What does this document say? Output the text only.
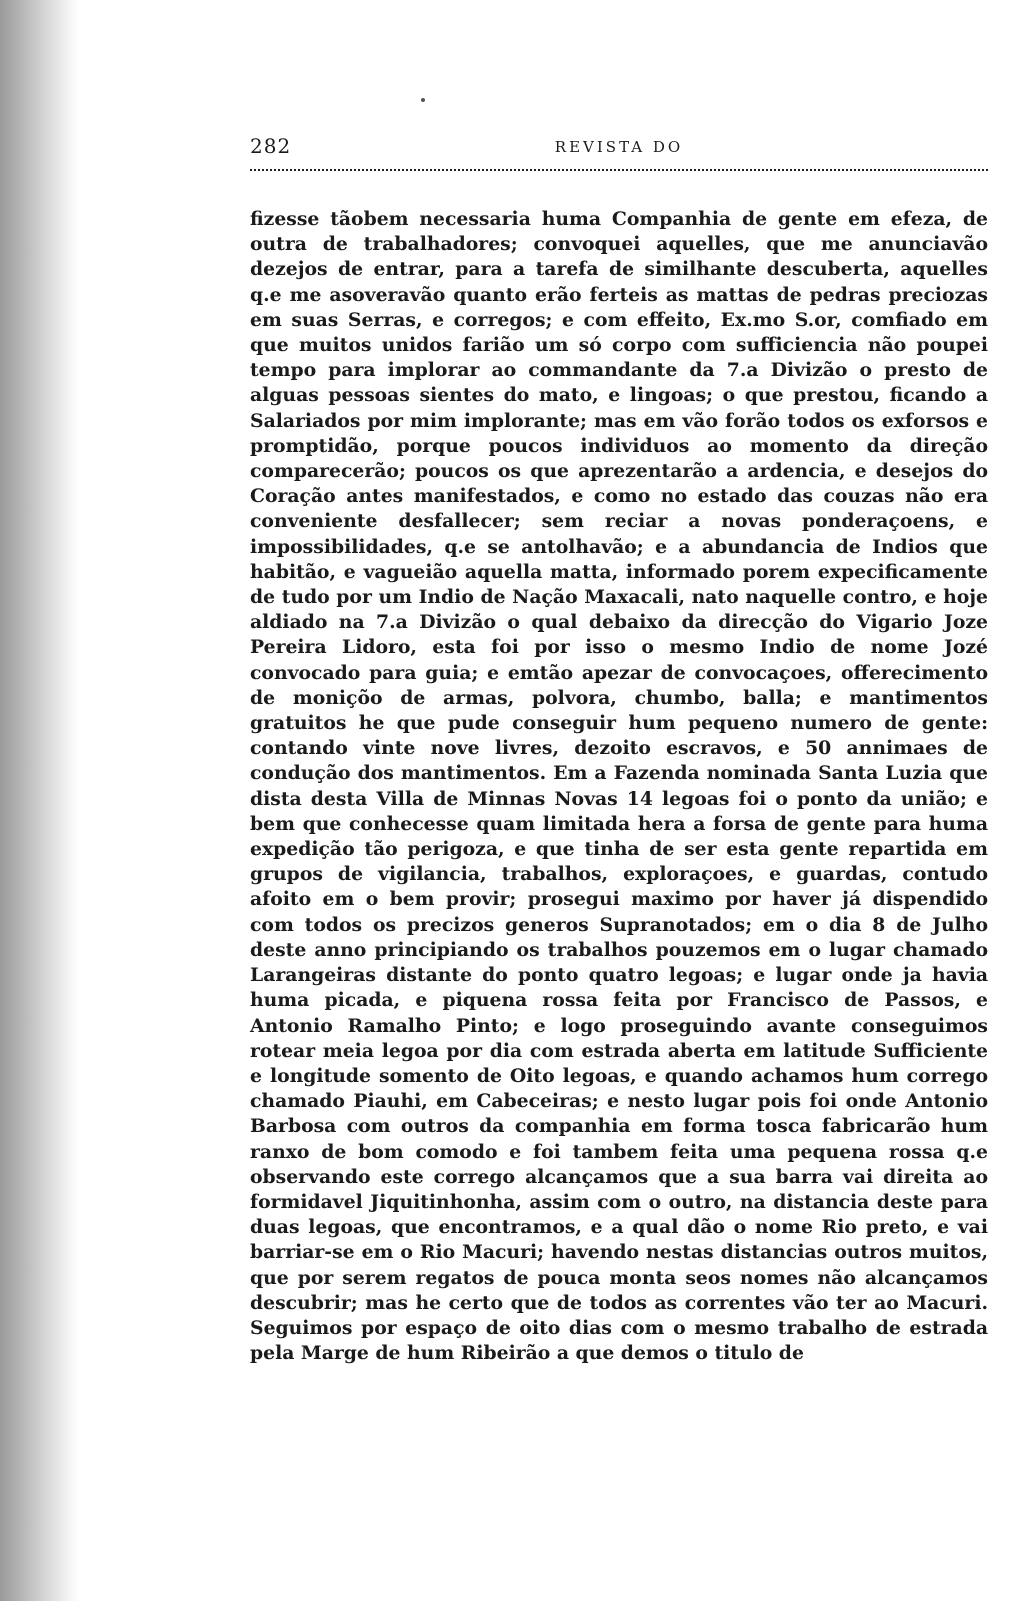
282	REVISTA DO

fizesse tãobem necessaria huma Companhia de gente em efeza, de outra de trabalhadores; convoquei aquelles, que me anunciavão dezejos de entrar, para a tarefa de similhante descuberta, aquelles q.e me asoveravão quanto erão ferteis as mattas de pedras preciozas em suas Serras, e corregos; e com effeito, Ex.mo S.or, comfiado em que muitos unidos farião um só corpo com sufficiencia não poupei tempo para implorar ao commandante da 7.a Divizão o presto de alguas pessoas sientes do mato, e lingoas; o que prestou, ficando a Salariados por mim implorante; mas em vão forão todos os exforsos e promptidão, porque poucos individuos ao momento da direção comparecerão; poucos os que aprezentarão a ardencia, e desejos do Coração antes manifestados, e como no estado das couzas não era conveniente desfallecer; sem reciar a novas ponderaçoens, e impossibilidades, q.e se antolhavão; e a abundancia de Indios que habitão, e vagueião aquella matta, informado porem expecificamente de tudo por um Indio de Nação Maxacali, nato naquelle contro, e hoje aldiado na 7.a Divizão o qual debaixo da direcção do Vigario Joze Pereira Lidoro, esta foi por isso o mesmo Indio de nome Jozé convocado para guia; e emtão apezar de convocaçoes, offerecimento de moniçõo de armas, polvora, chumbo, balla; e mantimentos gratuitos he que pude conseguir hum pequeno numero de gente: contando vinte nove livres, dezoito escravos, e 50 annimaes de condução dos mantimentos. Em a Fazenda nominada Santa Luzia que dista desta Villa de Minnas Novas 14 legoas foi o ponto da união; e bem que conhecesse quam limitada hera a forsa de gente para huma expedição tão perigoza, e que tinha de ser esta gente repartida em grupos de vigilancia, trabalhos, exploraçoes, e guardas, contudo afoito em o bem provir; prosegui maximo por haver já dispendido com todos os precizos generos Supranotados; em o dia 8 de Julho deste anno principiando os trabalhos pouzemos em o lugar chamado Larangeiras distante do ponto quatro legoas; e lugar onde ja havia huma picada, e piquena rossa feita por Francisco de Passos, e Antonio Ramalho Pinto; e logo proseguindo avante conseguimos rotear meia legoa por dia com estrada aberta em latitude Sufficiente e longitude somento de Oito legoas, e quando achamos hum corrego chamado Piauhi, em Cabeceiras; e nesto lugar pois foi onde Antonio Barbosa com outros da companhia em forma tosca fabricarão hum ranxo de bom comodo e foi tambem feita uma pequena rossa q.e observando este corrego alcançamos que a sua barra vai direita ao formidavel Jiquitinhonha, assim com o outro, na distancia deste para duas legoas, que encontramos, e a qual dão o nome Rio preto, e vai barriar-se em o Rio Macuri; havendo nestas distancias outros muitos, que por serem regatos de pouca monta seos nomes não alcançamos descubrir; mas he certo que de todos as correntes vão ter ao Macuri. Seguimos por espaço de oito dias com o mesmo trabalho de estrada pela Marge de hum Ribeirão a que demos o titulo de
